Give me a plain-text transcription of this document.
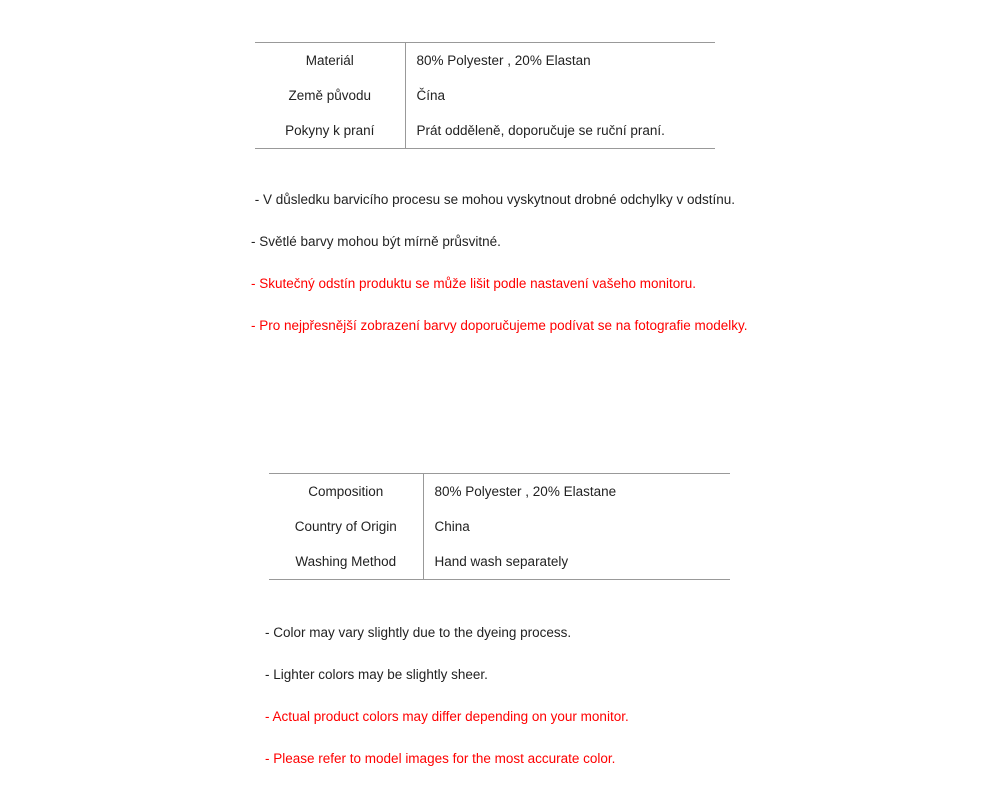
Materiál	80% Polyester , 20% Elastan
Země původu	Čína
Pokyny k praní	Prát odděleně, doporučuje se ruční praní.

- V důsledku barvicího procesu se mohou vyskytnout drobné odchylky v odstínu.

- Světlé barvy mohou být mírně průsvitné.

- Skutečný odstín produktu se může lišit podle nastavení vašeho monitoru.

- Pro nejpřesnější zobrazení barvy doporučujeme podívat se na fotografie modelky.

Composition	80% Polyester , 20% Elastane
Country of Origin	China
Washing Method	Hand wash separately

- Color may vary slightly due to the dyeing process.

- Lighter colors may be slightly sheer.

- Actual product colors may differ depending on your monitor.

- Please refer to model images for the most accurate color.
